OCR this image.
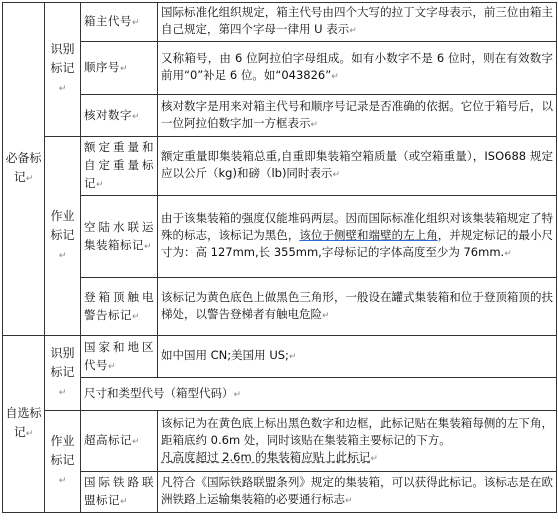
必备标记↵	识别标记↵	箱主代号↵	国际标准化组织规定，箱主代号由四个大写的拉丁文字母表示，前三位由箱主自己规定，第四个字母一律用 U 表示↵
		顺序号↵	又称箱号，由 6 位阿拉伯字母组成。如有小数字不是 6 位时，则在有效数字前用“0”补足 6 位。如“043826”↵
		核对数字↵	核对数字是用来对箱主代号和顺序号记录是否准确的依据。它位于箱号后，以一位阿拉伯数字加一方框表示↵
	作业标记↵	额定重量和自定重量标记↵	额定重量即集装箱总重,自重即集装箱空箱质量（或空箱重量），ISO688 规定应以公斤（kg)和磅（lb)同时表示↵
		空陆水联运集装箱标记↵	由于该集装箱的强度仅能堆码两层。因而国际标准化组织对该集装箱规定了特殊的标志，该标记为黑色，该位于侧壁和端壁的左上角，并规定标记的最小尺寸为：高 127mm,长 355mm,字母标记的字体高度至少为 76mm.↵
		登箱顶触电警告标记↵	该标记为黄色底色上做黑色三角形，一般设在罐式集装箱和位于登顶箱顶的扶梯处，以警告登梯者有触电危险↵
自选标记↵	识别标记↵	国家和地区代号↵	如中国用 CN;美国用 US;↵
		尺寸和类型代号（箱型代码）↵	
	作业标记↵	超高标记↵	该标记为在黄色底上标出黑色数字和边框，此标记贴在集装箱每侧的左下角，距箱底约 0.6m 处，同时该贴在集装箱主要标记的下方。
凡高度超过 2.6m 的集装箱应贴上此标记↵
		国际铁路联盟标记↵	凡符合《国际铁路联盟条列》规定的集装箱，可以获得此标记。该标志是在欧洲铁路上运输集装箱的必要通行标志↵
